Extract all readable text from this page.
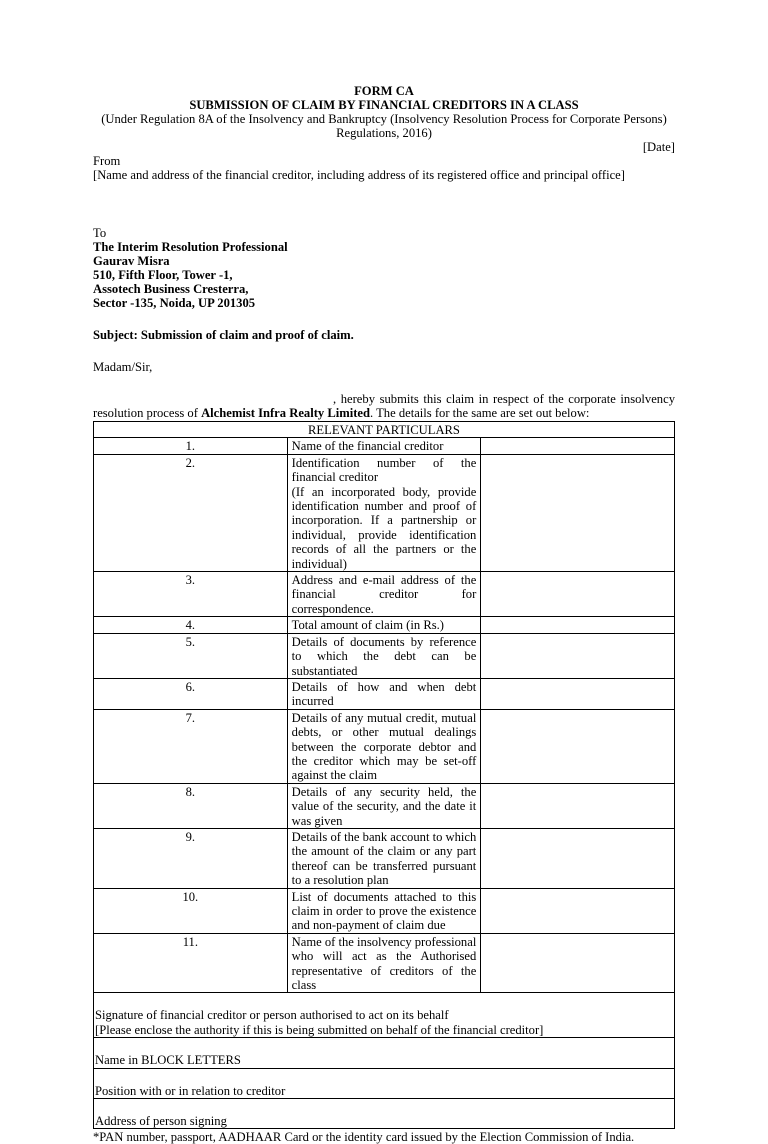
FORM CA

SUBMISSION OF CLAIM BY FINANCIAL CREDITORS IN A CLASS

(Under Regulation 8A of the Insolvency and Bankruptcy (Insolvency Resolution Process for Corporate Persons)

Regulations, 2016)

[Date]

From

[Name and address of the financial creditor, including address of its registered office and principal office]

To

The Interim Resolution Professional

Gaurav Misra

510, Fifth Floor, Tower -1,

Assotech Business Cresterra,

Sector -135, Noida, UP 201305

Subject: Submission of claim and proof of claim.

Madam/Sir,

, hereby submits this claim in respect of the corporate insolvency resolution process of Alchemist Infra Realty Limited. The details for the same are set out below:

RELEVANT PARTICULARS		
1.	Name of the financial creditor	
2.	Identification number of the financial creditor
(If an incorporated body, provide identification number and proof of incorporation. If a partnership or individual, provide identification records of all the partners or the individual)	

3.	Address and e-mail address of the financial creditor for correspondence.	
4.	Total amount of claim (in Rs.)	
5.	Details of documents by reference to which the debt can be substantiated	
6.	Details of how and when debt incurred	
7.	Details of any mutual credit, mutual debts, or other mutual dealings between the corporate debtor and the creditor which may be set-off against the claim	
8.	Details of any security held, the value of the security, and the date it was given	
9.	Details of the bank account to which the amount of the claim or any part thereof can be transferred pursuant to a resolution plan	
10.	List of documents attached to this claim in order to prove the existence and non-payment of claim due	
11.	Name of the insolvency professional who will act as the Authorised representative of creditors of the class	

Signature of financial creditor or person authorised to act on its behalf
[Please enclose the authority if this is being submitted on behalf of the financial creditor]		

Name in BLOCK LETTERS		

Position with or in relation to creditor		

Address of person signing		

*PAN number, passport, AADHAAR Card or the identity card issued by the Election Commission of India.
